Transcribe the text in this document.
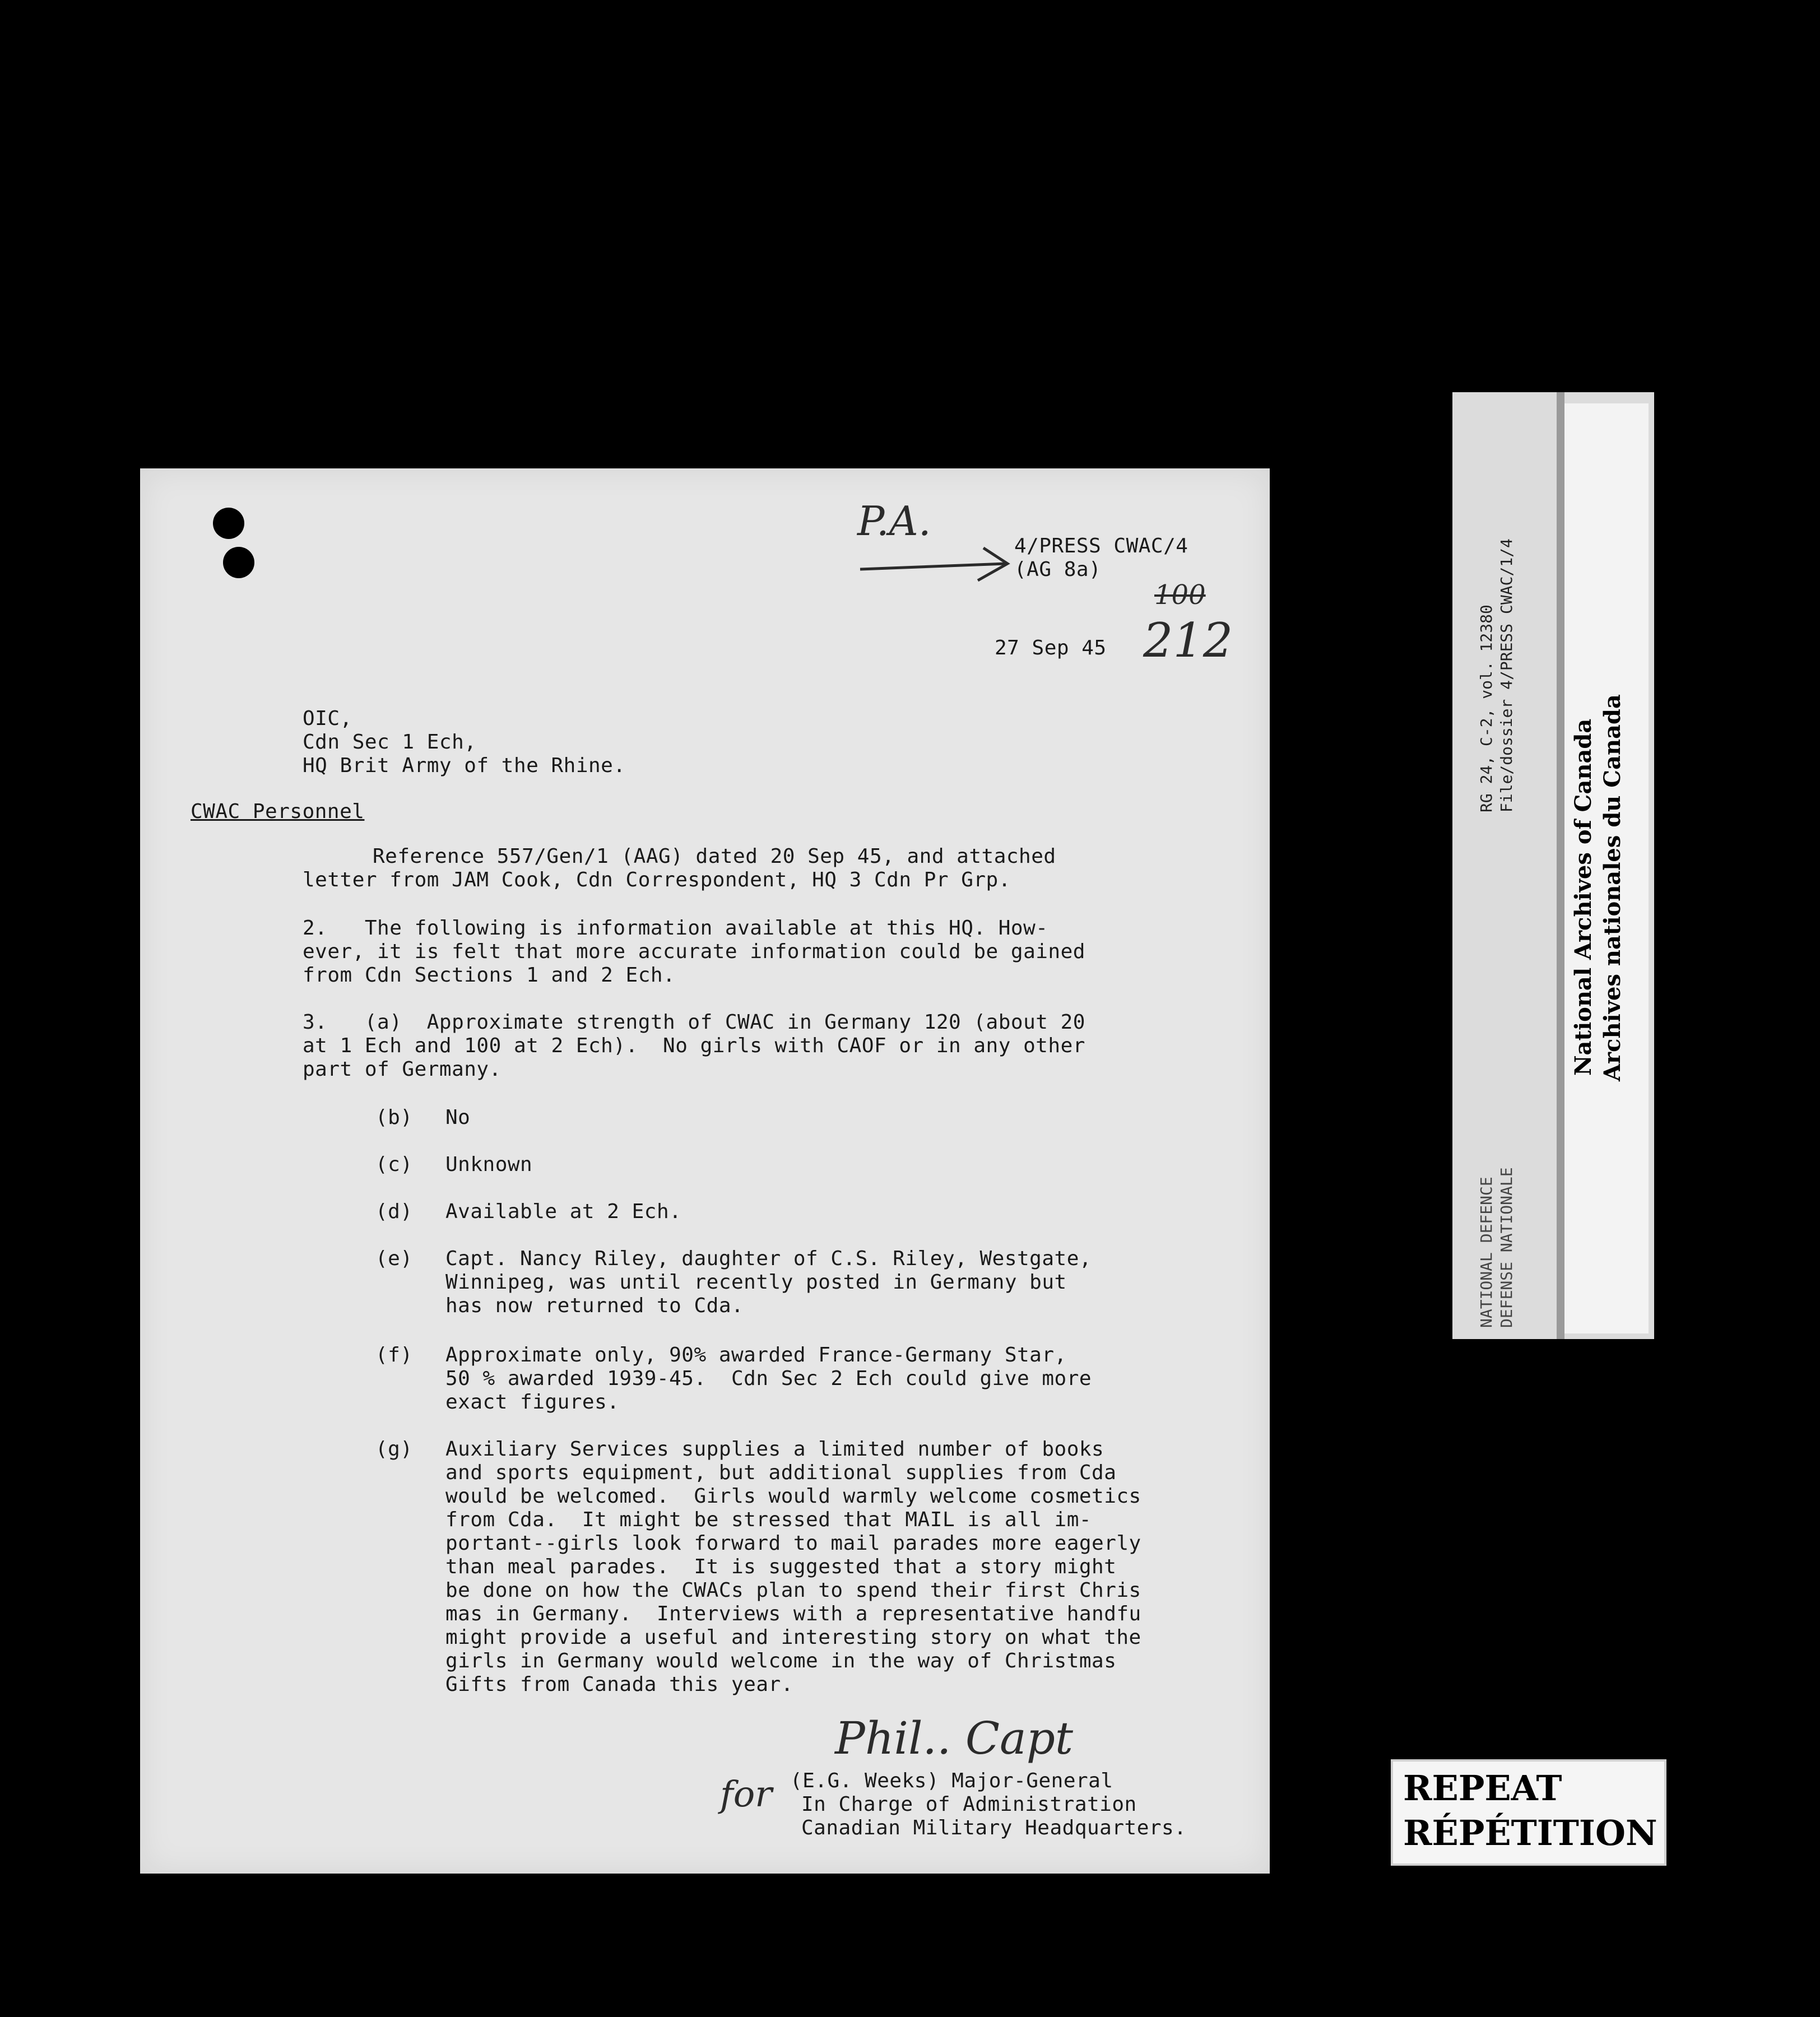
P.A.
4/PRESS CWAC/4
(AG 8a)
100
212
27 Sep 45
OIC,
Cdn Sec 1 Ech,
HQ Brit Army of the Rhine.
CWAC Personnel
Reference 557/Gen/1 (AAG) dated 20 Sep 45, and attached
letter from JAM Cook, Cdn Correspondent, HQ 3 Cdn Pr Grp.
2.   The following is information available at this HQ. How-
ever, it is felt that more accurate information could be gained
from Cdn Sections 1 and 2 Ech.
3.   (a)  Approximate strength of CWAC in Germany 120 (about 20
at 1 Ech and 100 at 2 Ech).  No girls with CAOF or in any other
part of Germany.
(b) No
(c) Unknown
(d) Available at 2 Ech.
(e) Capt. Nancy Riley, daughter of C.S. Riley, Westgate,
Winnipeg, was until recently posted in Germany but
has now returned to Cda.
(f) Approximate only, 90% awarded France-Germany Star,
50 % awarded 1939-45.  Cdn Sec 2 Ech could give more
exact figures.
(g) Auxiliary Services supplies a limited number of books
and sports equipment, but additional supplies from Cda
would be welcomed.  Girls would warmly welcome cosmetics
from Cda.  It might be stressed that MAIL is all im-
portant--girls look forward to mail parades more eagerly
than meal parades.  It is suggested that a story might
be done on how the CWACs plan to spend their first Chris
mas in Germany.  Interviews with a representative handfu
might provide a useful and interesting story on what the
girls in Germany would welcome in the way of Christmas
Gifts from Canada this year.
Phil.. Capt
for (E.G. Weeks) Major-General
In Charge of Administration
Canadian Military Headquarters.
RG 24, C-2, vol. 12380 File/dossier 4/PRESS CWAC/1/4
NATIONAL DEFENCE DEFENSE NATIONALE
National Archives of Canada Archives nationales du Canada
REPEAT
RÉPÉTITION
